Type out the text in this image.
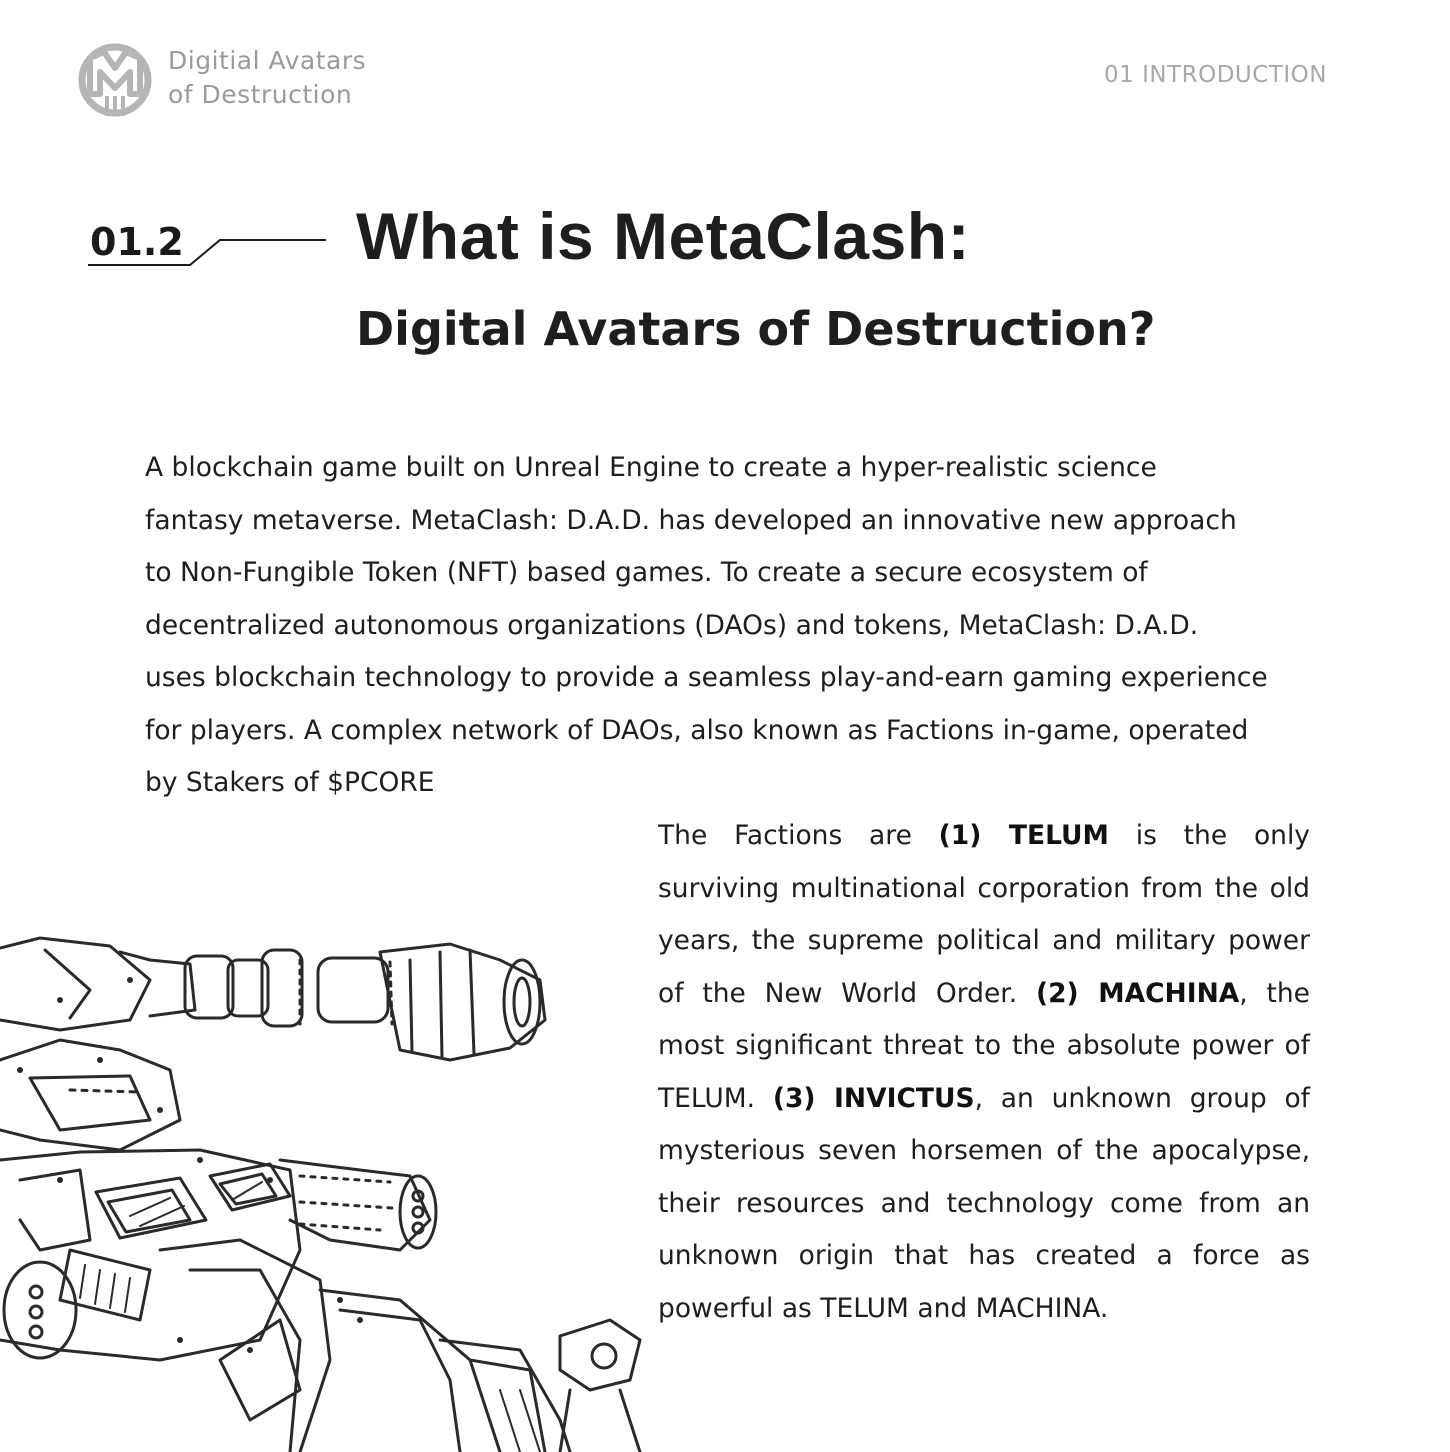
Digitial Avatars
of Destruction
01 INTRODUCTION
01.2	What is MetaClash:
Digital Avatars of Destruction?
A blockchain game built on Unreal Engine to create a hyper-realistic science
fantasy metaverse. MetaClash: D.A.D. has developed an innovative new approach
to Non-Fungible Token (NFT) based games. To create a secure ecosystem of
decentralized autonomous organizations (DAOs) and tokens, MetaClash: D.A.D.
uses blockchain technology to provide a seamless play-and-earn gaming experience
for players. A complex network of DAOs, also known as Factions in-game, operated
by Stakers of $PCORE
The Factions are (1) TELUM is the only surviving multinational corporation from the old years, the supreme political and military power of the New World Order. (2) MACHINA, the most significant threat to the absolute power of TELUM. (3) INVICTUS, an unknown group of mysterious seven horsemen of the apocalypse, their resources and technology come from an unknown origin that has created a force as powerful as TELUM and MACHINA.
